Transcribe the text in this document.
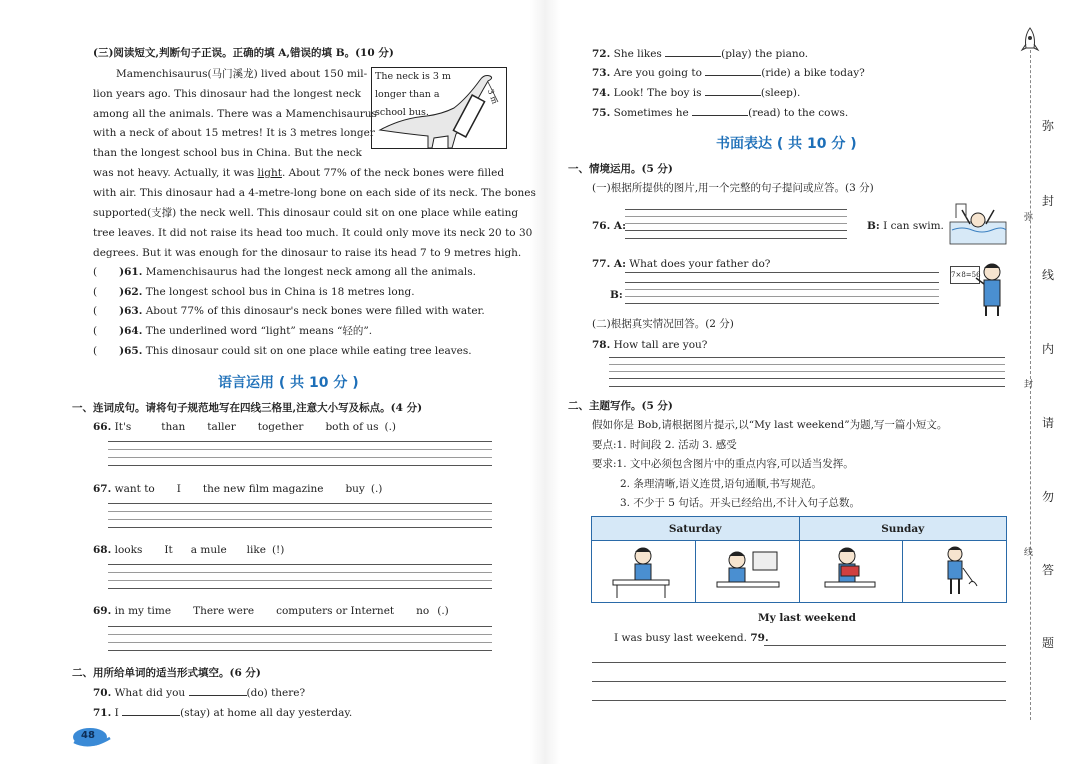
(三)阅读短文,判断句子正误。正确的填 A,错误的填 B。(10 分)
Mamenchisaurus(马门溪龙) lived about 150 mil-
lion years ago. This dinosaur had the longest neck
among all the animals. There was a Mamenchisaurus
with a neck of about 15 metres! It is 3 metres longer
than the longest school bus in China. But the neck
was not heavy. Actually, it was light. About 77% of the neck bones were filled
with air. This dinosaur had a 4-metre-long bone on each side of its neck. The bones
supported(支撑) the neck well. This dinosaur could sit on one place while eating
tree leaves. It did not raise its head too much. It could only move its neck 20 to 30
degrees. But it was enough for the dinosaur to raise its head 7 to 9 metres high.
The neck is 3 m
longer than a
school bus.
3 m
( )61. Mamenchisaurus had the longest neck among all the animals.
( )62. The longest school bus in China is 18 metres long.
( )63. About 77% of this dinosaur's neck bones were filled with water.
( )64. The underlined word “light” means “轻的”.
( )65. This dinosaur could sit on one place while eating tree leaves.
语言运用 ( 共 10 分 )
一、连词成句。请将句子规范地写在四线三格里,注意大小写及标点。(4 分)
66. It's	than taller together both of us (.)
67. want to I the new film magazine buy (.)
68. looks It a mule like (!)
69. in my time There were computers or Internet no (.)
二、用所给单词的适当形式填空。(6 分)
70. What did you	(do) there?
71. I	(stay) at home all day yesterday.
48
72. She likes	(play) the piano.
73. Are you going to	(ride) a bike today?
74. Look! The boy is	(sleep).
75. Sometimes he	(read) to the cows.
书面表达 ( 共 10 分 )
一、情境运用。(5 分)
(一)根据所提供的图片,用一个完整的句子提问或应答。(3 分)
76. A:	B: I can swim.
77. A: What does your father do?
B:
7×8=56
(二)根据真实情况回答。(2 分)
78. How tall are you?
二、主题写作。(5 分)
假如你是 Bob,请根据图片提示,以“My last weekend”为题,写一篇小短文。
要点:1. 时间段 2. 活动 3. 感受
要求:1. 文中必须包含图片中的重点内容,可以适当发挥。
2. 条理清晰,语义连贯,语句通顺,书写规范。
3. 不少于 5 句话。开头已经给出,不计入句子总数。
Saturday		Sunday	

My last weekend
I was busy last weekend. 79.
弥
封
线
内
请
勿
答
题
弥
封
线
